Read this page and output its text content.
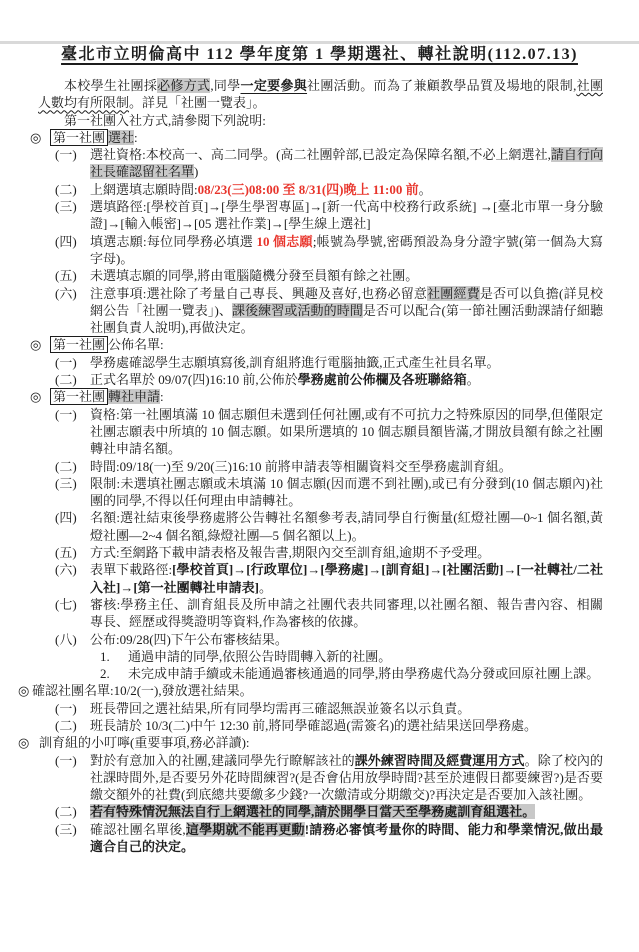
臺北市立明倫高中 112 學年度第 1 學期選社、轉社說明(112.07.13)

本校學生社團採必修方式,同學一定要參與社團活動。而為了兼顧教學品質及場地的限制,社團人數均有所限制。詳見「社團一覽表」。

第一社團入社方式,請參閱下列說明:

◎ 第一社團 選社:

(一) 選社資格:本校高一、高二同學。(高二社團幹部,已設定為保障名額,不必上網選社,請自行向社長確認留社名單)

(二) 上網選填志願時間:08/23(三)08:00 至 8/31(四)晚上 11:00 前。

(三) 選填路徑:[學校首頁]→[學生學習專區]→[新一代高中校務行政系統] →[臺北市單一身分驗證]→[輸入帳密]→[05 選社作業]→[學生線上選社]

(四) 填選志願:每位同學務必填選 10 個志願;帳號為學號,密碼預設為身分證字號(第一個為大寫字母)。

(五) 未選填志願的同學,將由電腦隨機分發至員額有餘之社團。

(六) 注意事項:選社除了考量自己專長、興趣及喜好,也務必留意社團經費是否可以負擔(詳見校網公告「社團一覽表」)、課後練習或活動的時間是否可以配合(第一節社團活動課請仔細聽社團負責人說明),再做決定。

◎ 第一社團 公佈名單:

(一) 學務處確認學生志願填寫後,訓育組將進行電腦抽籤,正式產生社員名單。

(二) 正式名單於 09/07(四)16:10 前,公佈於學務處前公佈欄及各班聯絡箱。

◎ 第一社團 轉社申請:

(一) 資格:第一社團填滿 10 個志願但未選到任何社團,或有不可抗力之特殊原因的同學,但僅限定社團志願表中所填的 10 個志願。如果所選填的 10 個志願員額皆滿,才開放員額有餘之社團轉社申請名額。

(二) 時間:09/18(一)至 9/20(三)16:10 前將申請表等相關資料交至學務處訓育組。

(三) 限制:未選填社團志願或未填滿 10 個志願(因而選不到社團),或已有分發到(10 個志願內)社團的同學,不得以任何理由申請轉社。

(四) 名額:選社結束後學務處將公告轉社名額參考表,請同學自行衡量(紅燈社團—0~1 個名額,黃燈社團—2~4 個名額,綠燈社團—5 個名額以上)。

(五) 方式:至網路下載申請表格及報告書,期限內交至訓育組,逾期不予受理。

(六) 表單下載路徑:[學校首頁]→[行政單位]→[學務處]→[訓育組]→[社團活動]→[一社轉社/二社入社]→[第一社團轉社申請表]。

(七) 審核:學務主任、訓育組長及所申請之社團代表共同審理,以社團名額、報告書內容、相關專長、經歷或得獎證明等資料,作為審核的依據。

(八) 公布:09/28(四)下午公布審核結果。

1. 通過申請的同學,依照公告時間轉入新的社團。

2. 未完成申請手續或未能通過審核通過的同學,將由學務處代為分發或回原社團上課。

◎ 確認社團名單:10/2(一),發放選社結果。

(一) 班長帶回之選社結果,所有同學均需再三確認無誤並簽名以示負責。

(二) 班長請於 10/3(二)中午 12:30 前,將同學確認過(需簽名)的選社結果送回學務處。

◎ 訓育組的小叮嚀(重要事項,務必詳讀):

(一) 對於有意加入的社團,建議同學先行瞭解該社的課外練習時間及經費運用方式。除了校內的社課時間外,是否要另外花時間練習?(是否會佔用放學時間?甚至於連假日都要練習?)是否要繳交額外的社費(到底總共要繳多少錢?一次繳清或分期繳交)?再決定是否要加入該社團。

(二) 若有特殊情況無法自行上網選社的同學,請於開學日當天至學務處訓育組選社。

(三) 確認社團名單後,這學期就不能再更動!請務必審慎考量你的時間、能力和學業情況,做出最適合自己的決定。
